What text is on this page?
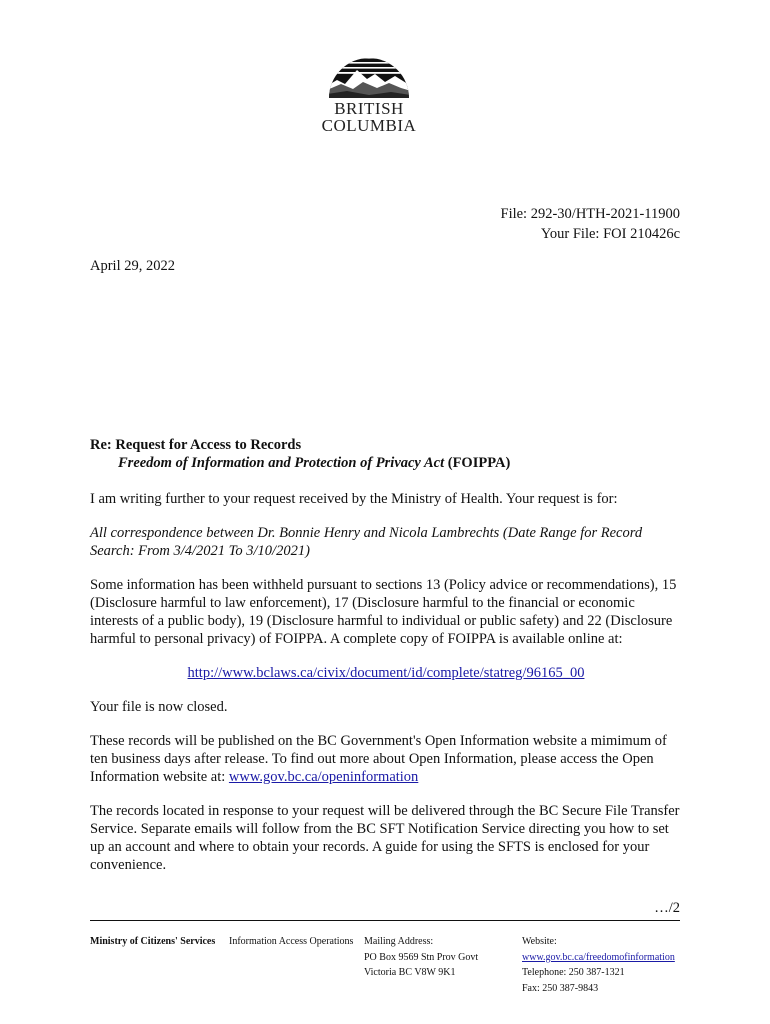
BRITISH
COLUMBIA
File: 292-30/HTH-2021-11900
Your File: FOI 210426c
April 29, 2022
Re: Request for Access to Records
Freedom of Information and Protection of Privacy Act (FOIPPA)

I am writing further to your request received by the Ministry of Health. Your request is for:

All correspondence between Dr. Bonnie Henry and Nicola Lambrechts (Date Range for Record Search: From 3/4/2021 To 3/10/2021)

Some information has been withheld pursuant to sections 13 (Policy advice or recommendations), 15 (Disclosure harmful to law enforcement), 17 (Disclosure harmful to the financial or economic interests of a public body), 19 (Disclosure harmful to individual or public safety) and 22 (Disclosure harmful to personal privacy) of FOIPPA. A complete copy of FOIPPA is available online at:

http://www.bclaws.ca/civix/document/id/complete/statreg/96165_00

Your file is now closed.

These records will be published on the BC Government's Open Information website a mimimum of ten business days after release. To find out more about Open Information, please access the Open Information website at: www.gov.bc.ca/openinformation

The records located in response to your request will be delivered through the BC Secure File Transfer Service. Separate emails will follow from the BC SFT Notification Service directing you how to set up an account and where to obtain your records. A guide for using the SFTS is enclosed for your convenience.

…/2
Ministry of Citizens' Services Information Access Operations Mailing Address:
PO Box 9569 Stn Prov Govt
Victoria BC V8W 9K1
Website:
www.gov.bc.ca/freedomofinformation
Telephone: 250 387-1321
Fax: 250 387-9843
